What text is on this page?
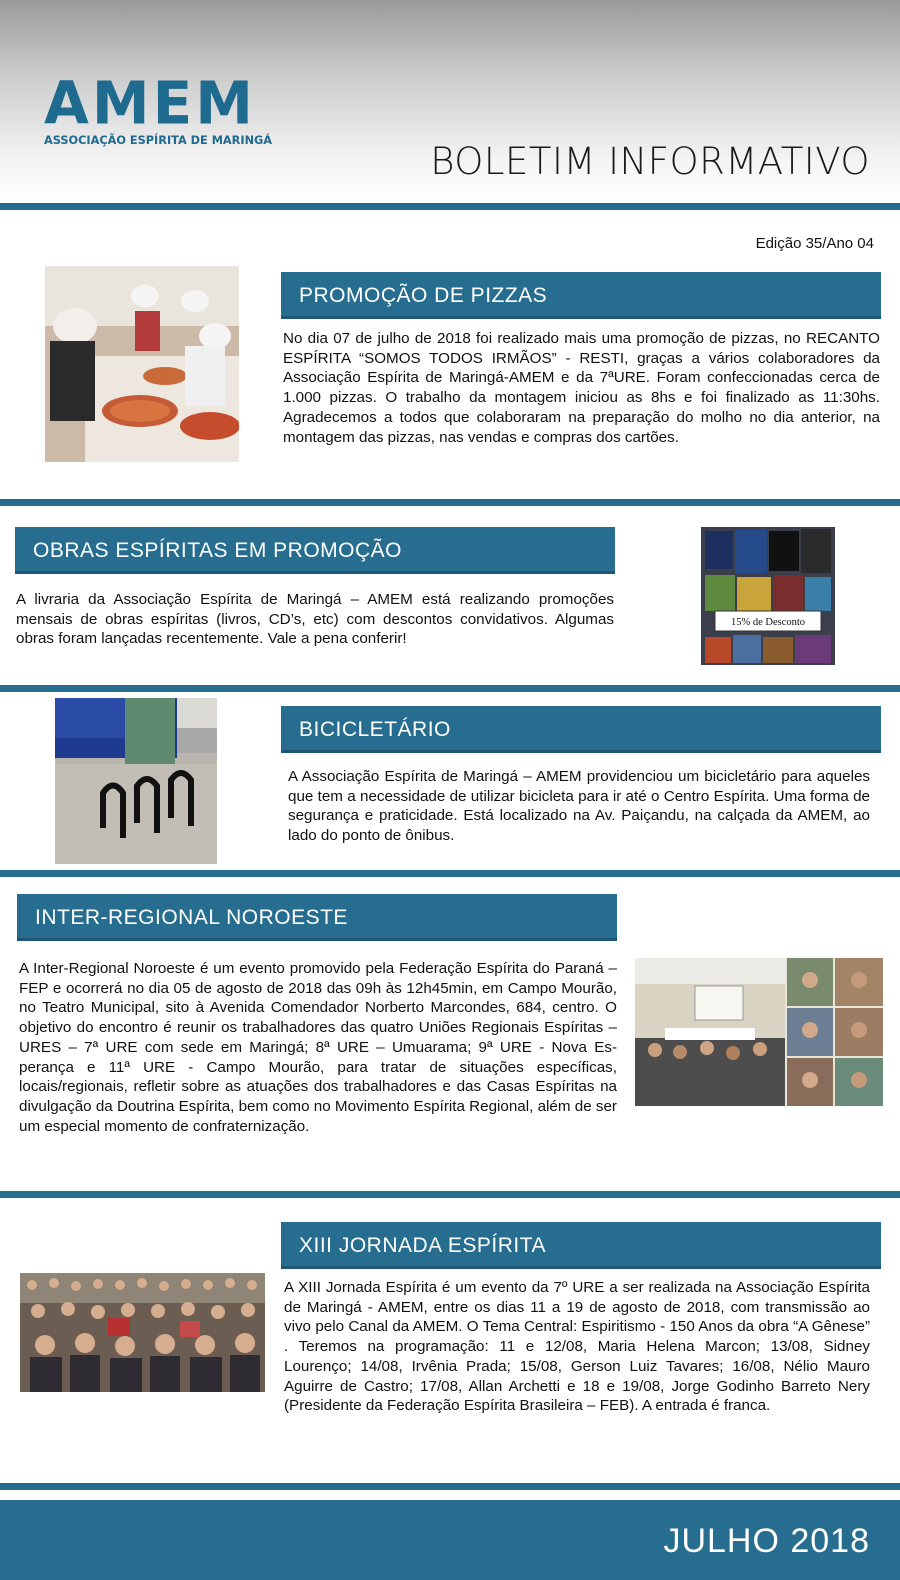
AMEM
ASSOCIAÇÃO ESPÍRITA DE MARINGÁ	BOLETIM INFORMATIVO
Edição 35/Ano 04
PROMOÇÃO DE PIZZAS

No dia 07 de julho de 2018 foi realizado mais uma promoção de pizzas, no RECANTO ESPÍRITA “SOMOS TODOS IRMÃOS” - RESTI, graças a vários colaboradores da Associação Espírita de Maringá-AMEM e da 7ªURE. Foram confeccionadas cerca de 1.000 pizzas. O trabalho da montagem iniciou as 8hs e foi finalizado as 11:30hs. Agradecemos a todos que colaboraram na preparação do molho no dia anterior, na montagem das pizzas, nas vendas e compras dos cartões.

OBRAS ESPÍRITAS EM PROMOÇÃO

A livraria da Associação Espírita de Maringá – AMEM está realizando promoções mensais de obras espíritas (livros, CD’s, etc) com descontos convidativos. Algumas obras foram lançadas recentemente. Vale a pena conferir!

15% de Desconto
BICICLETÁRIO

A Associação Espírita de Maringá – AMEM providenciou um bicicletário para aqueles que tem a necessidade de utilizar bicicleta para ir até o Centro Espírita. Uma forma de segurança e praticidade. Está localizado na Av. Paiçandu, na calçada da AMEM, ao lado do ponto de ônibus.

INTER-REGIONAL NOROESTE

A Inter-Regional Noroeste é um evento promovido pela Federação Espírita do Paraná – FEP e ocorrerá no dia 05 de agosto de 2018 das 09h às 12h45min, em Campo Mourão, no Teatro Municipal, sito à Avenida Comendador Norberto Marcondes, 684, centro. O objetivo do encontro é reunir os trabalhadores das quatro Uniões Regionais Espíritas – URES – 7ª URE com sede em Maringá; 8ª URE – Umuarama; 9ª URE - Nova Esperança e 11ª URE - Campo Mourão, para tratar de situações específicas, locais/regionais, refletir sobre as atuações dos trabalhadores e das Casas Espíritas na divulgação da Doutrina Espírita, bem como no Movimento Espírita Regional, além de ser um especial momento de confraternização.

XIII JORNADA ESPÍRITA

A XIII Jornada Espírita é um evento da 7º URE a ser realizada na Associação Espírita de Maringá - AMEM, entre os dias 11 a 19 de agosto de 2018, com transmissão ao vivo pelo Canal da AMEM. O Tema Central: Espiritismo - 150 Anos da obra “A Gênese” . Teremos na programação: 11 e 12/08, Maria Helena Marcon; 13/08, Sidney Lourenço; 14/08, Irvênia Prada; 15/08, Gerson Luiz Tavares; 16/08, Nélio Mauro Aguirre de Castro; 17/08, Allan Archetti e 18 e 19/08, Jorge Godinho Barreto Nery (Presidente da Federação Espírita Brasileira – FEB). A entrada é franca.

JULHO 2018
